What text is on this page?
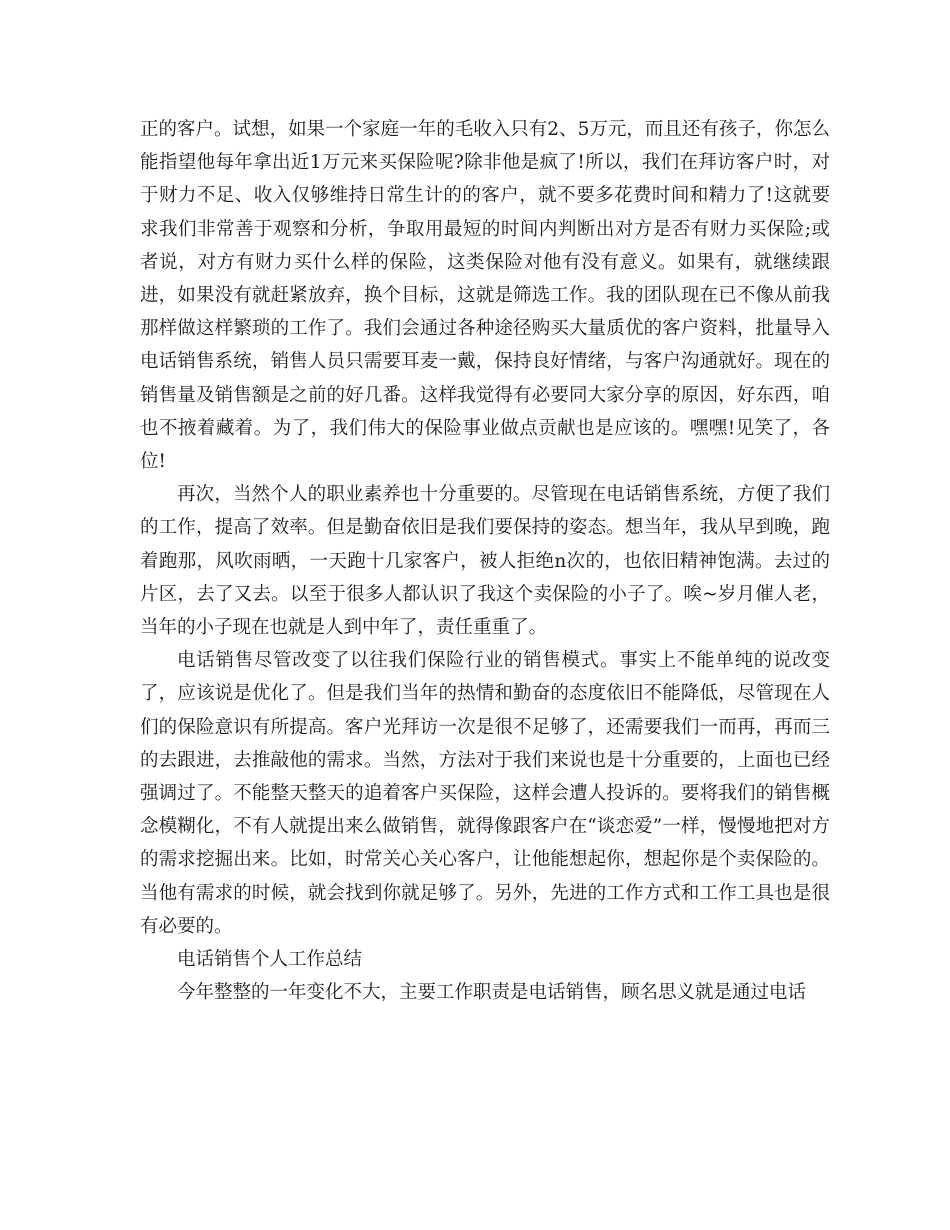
正的客户。试想，如果一个家庭一年的毛收入只有2、5万元，而且还有孩子，你怎么能指望他每年拿出近1万元来买保险呢?除非他是疯了!所以，我们在拜访客户时，对于财力不足、收入仅够维持日常生计的的客户，就不要多花费时间和精力了!这就要求我们非常善于观察和分析，争取用最短的时间内判断出对方是否有财力买保险;或者说，对方有财力买什么样的保险，这类保险对他有没有意义。如果有，就继续跟进，如果没有就赶紧放弃，换个目标，这就是筛选工作。我的团队现在已不像从前我那样做这样繁琐的工作了。我们会通过各种途径购买大量质优的客户资料，批量导入电话销售系统，销售人员只需要耳麦一戴，保持良好情绪，与客户沟通就好。现在的销售量及销售额是之前的好几番。这样我觉得有必要同大家分享的原因，好东西，咱也不掖着藏着。为了，我们伟大的保险事业做点贡献也是应该的。嘿嘿!见笑了，各位!

再次，当然个人的职业素养也十分重要的。尽管现在电话销售系统，方便了我们的工作，提高了效率。但是勤奋依旧是我们要保持的姿态。想当年，我从早到晚，跑着跑那，风吹雨晒，一天跑十几家客户，被人拒绝n次的，也依旧精神饱满。去过的片区，去了又去。以至于很多人都认识了我这个卖保险的小子了。唉~岁月催人老，当年的小子现在也就是人到中年了，责任重重了。

电话销售尽管改变了以往我们保险行业的销售模式。事实上不能单纯的说改变了，应该说是优化了。但是我们当年的热情和勤奋的态度依旧不能降低，尽管现在人们的保险意识有所提高。客户光拜访一次是很不足够了，还需要我们一而再，再而三的去跟进，去推敲他的需求。当然，方法对于我们来说也是十分重要的，上面也已经强调过了。不能整天整天的追着客户买保险，这样会遭人投诉的。要将我们的销售概念模糊化，不有人就提出来么做销售，就得像跟客户在“谈恋爱”一样，慢慢地把对方的需求挖掘出来。比如，时常关心关心客户，让他能想起你，想起你是个卖保险的。当他有需求的时候，就会找到你就足够了。另外，先进的工作方式和工作工具也是很有必要的。

电话销售个人工作总结

今年整整的一年变化不大，主要工作职责是电话销售，顾名思义就是通过电话
